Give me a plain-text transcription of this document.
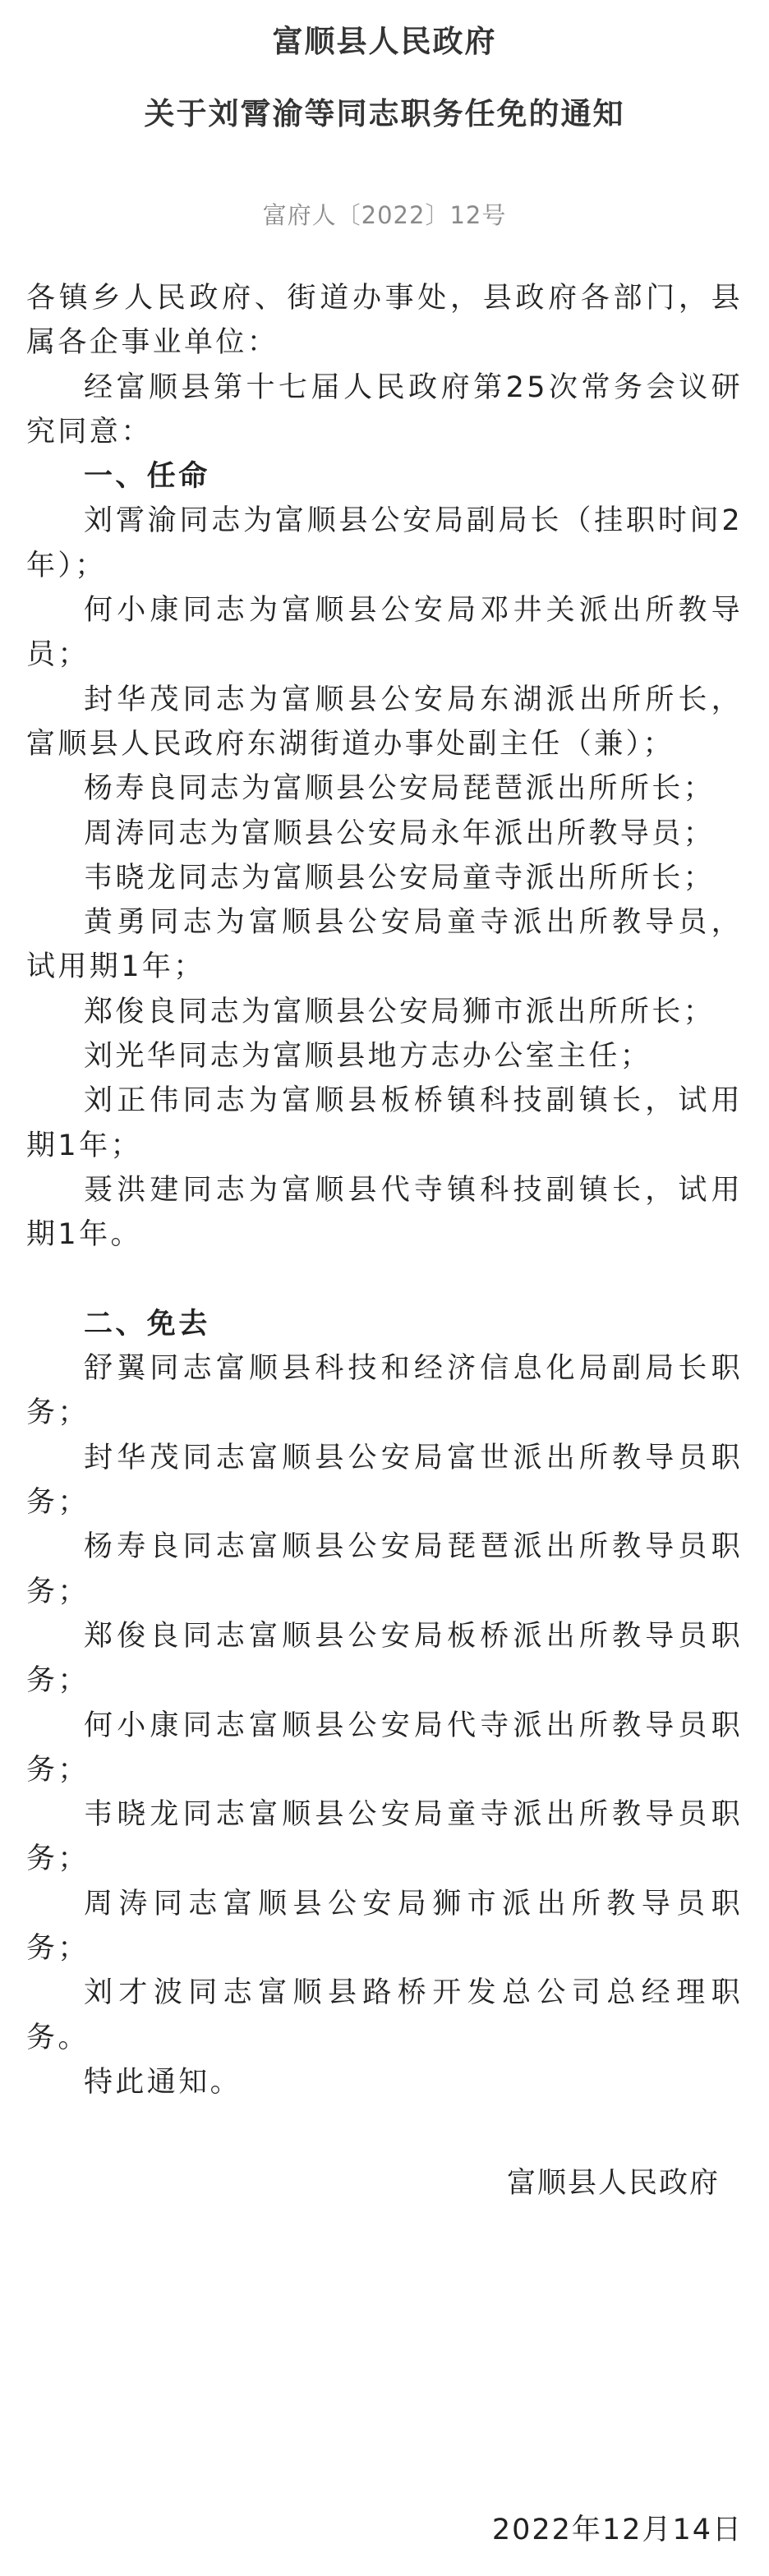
富顺县人民政府
关于刘霄渝等同志职务任免的通知
富府人〔2022〕12号

各镇乡人民政府、街道办事处，县政府各部门，县属各企事业单位：

经富顺县第十七届人民政府第25次常务会议研究同意：

一、任命

刘霄渝同志为富顺县公安局副局长（挂职时间2年）；

何小康同志为富顺县公安局邓井关派出所教导员；

封华茂同志为富顺县公安局东湖派出所所长，富顺县人民政府东湖街道办事处副主任（兼）；

杨寿良同志为富顺县公安局琵琶派出所所长；

周涛同志为富顺县公安局永年派出所教导员；

韦晓龙同志为富顺县公安局童寺派出所所长；

黄勇同志为富顺县公安局童寺派出所教导员，试用期1年；

郑俊良同志为富顺县公安局狮市派出所所长；

刘光华同志为富顺县地方志办公室主任；

刘正伟同志为富顺县板桥镇科技副镇长，试用期1年；

聂洪建同志为富顺县代寺镇科技副镇长，试用期1年。

二、免去

舒翼同志富顺县科技和经济信息化局副局长职务；

封华茂同志富顺县公安局富世派出所教导员职务；

杨寿良同志富顺县公安局琵琶派出所教导员职务；

郑俊良同志富顺县公安局板桥派出所教导员职务；

何小康同志富顺县公安局代寺派出所教导员职务；

韦晓龙同志富顺县公安局童寺派出所教导员职务；

周涛同志富顺县公安局狮市派出所教导员职务；

刘才波同志富顺县路桥开发总公司总经理职务。

特此通知。

富顺县人民政府
2022年12月14日
